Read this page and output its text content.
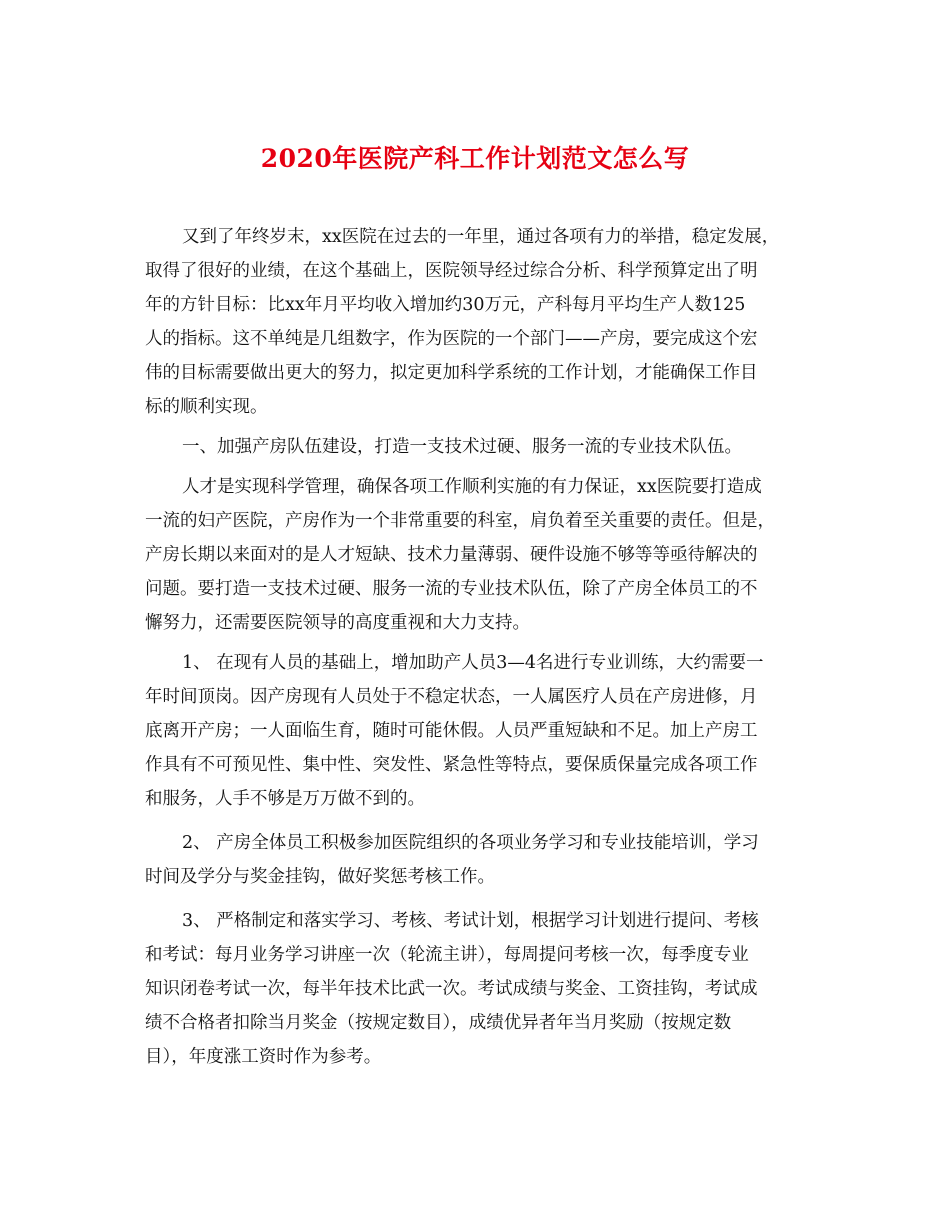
2020年医院产科工作计划范文怎么写
又到了年终岁末，xx医院在过去的一年里，通过各项有力的举措，稳定发展，
取得了很好的业绩，在这个基础上，医院领导经过综合分析、科学预算定出了明
年的方针目标：比xx年月平均收入增加约30万元，产科每月平均生产人数125
人的指标。这不单纯是几组数字，作为医院的一个部门——产房，要完成这个宏
伟的目标需要做出更大的努力，拟定更加科学系统的工作计划，才能确保工作目
标的顺利实现。
一、加强产房队伍建设，打造一支技术过硬、服务一流的专业技术队伍。
人才是实现科学管理，确保各项工作顺利实施的有力保证，xx医院要打造成
一流的妇产医院，产房作为一个非常重要的科室，肩负着至关重要的责任。但是，
产房长期以来面对的是人才短缺、技术力量薄弱、硬件设施不够等等亟待解决的
问题。要打造一支技术过硬、服务一流的专业技术队伍，除了产房全体员工的不
懈努力，还需要医院领导的高度重视和大力支持。
1、 在现有人员的基础上，增加助产人员3—4名进行专业训练，大约需要一
年时间顶岗。因产房现有人员处于不稳定状态，一人属医疗人员在产房进修，月
底离开产房；一人面临生育，随时可能休假。人员严重短缺和不足。加上产房工
作具有不可预见性、集中性、突发性、紧急性等特点，要保质保量完成各项工作
和服务，人手不够是万万做不到的。
2、 产房全体员工积极参加医院组织的各项业务学习和专业技能培训，学习
时间及学分与奖金挂钩，做好奖惩考核工作。
3、 严格制定和落实学习、考核、考试计划，根据学习计划进行提问、考核
和考试：每月业务学习讲座一次（轮流主讲），每周提问考核一次，每季度专业
知识闭卷考试一次，每半年技术比武一次。考试成绩与奖金、工资挂钩，考试成
绩不合格者扣除当月奖金（按规定数目），成绩优异者年当月奖励（按规定数
目），年度涨工资时作为参考。
